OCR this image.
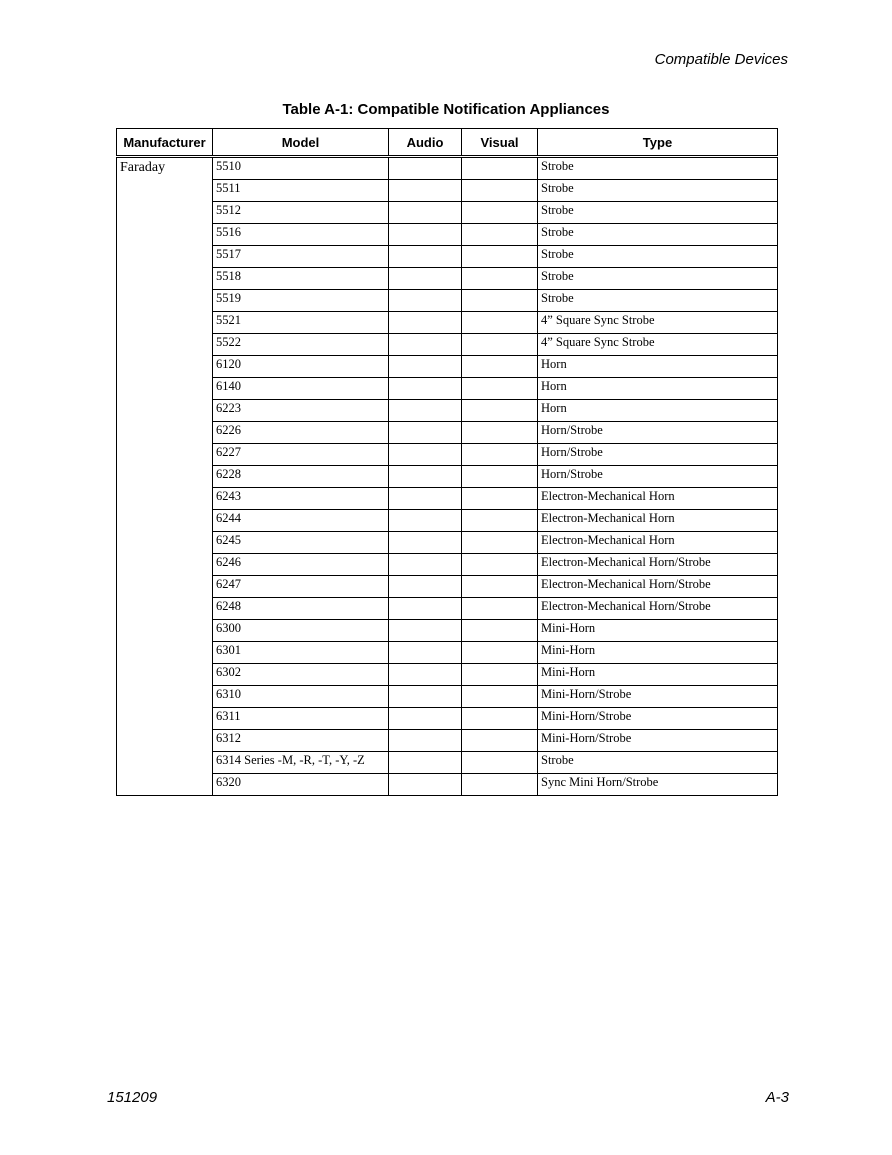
Compatible Devices
Table A-1: Compatible Notification Appliances
Manufacturer	Model	Audio	Visual	Type
Faraday	5510			Strobe
	5511			Strobe
	5512			Strobe
	5516			Strobe
	5517			Strobe
	5518			Strobe
	5519			Strobe
	5521			4” Square Sync Strobe
	5522			4” Square Sync Strobe
	6120			Horn
	6140			Horn
	6223			Horn
	6226			Horn/Strobe
	6227			Horn/Strobe
	6228			Horn/Strobe
	6243			Electron-Mechanical Horn
	6244			Electron-Mechanical Horn
	6245			Electron-Mechanical Horn
	6246			Electron-Mechanical Horn/Strobe
	6247			Electron-Mechanical Horn/Strobe
	6248			Electron-Mechanical Horn/Strobe
	6300			Mini-Horn
	6301			Mini-Horn
	6302			Mini-Horn
	6310			Mini-Horn/Strobe
	6311			Mini-Horn/Strobe
	6312			Mini-Horn/Strobe
	6314 Series -M, -R, -T, -Y, -Z			Strobe
	6320			Sync Mini Horn/Strobe
151209	A-3
